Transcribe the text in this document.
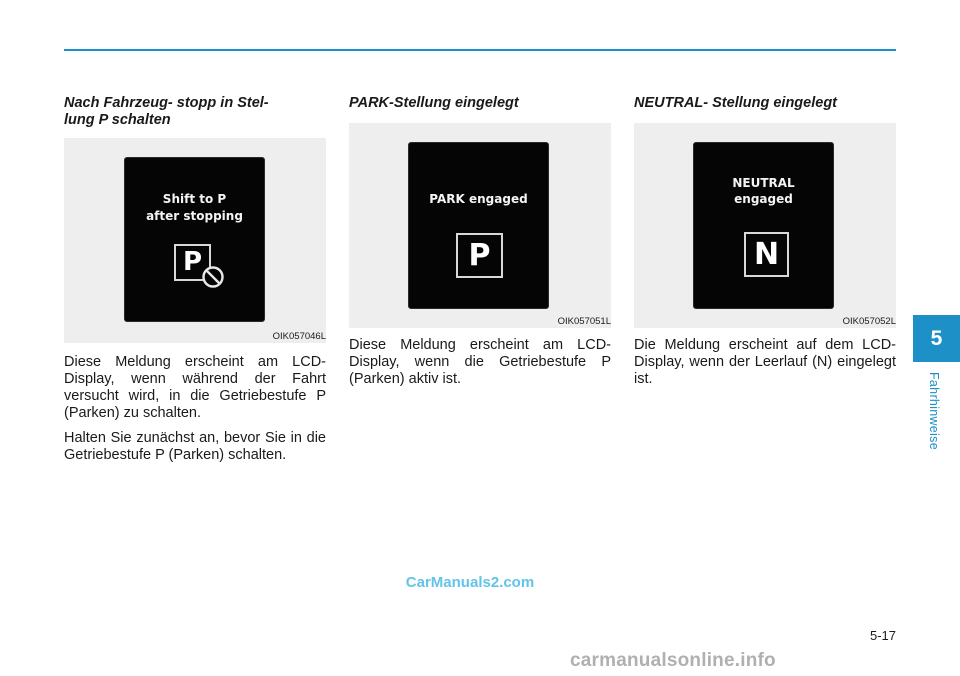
Nach Fahrzeug- stopp in Stel-
lung P schalten
Shift to P
after stopping
P
OIK057046L

Diese Meldung erscheint am LCD-Display, wenn während der Fahrt versucht wird, in die Getriebestufe P (Parken) zu schalten.

Halten Sie zunächst an, bevor Sie in die Getriebestufe P (Parken) schalten.

PARK-Stellung eingelegt
PARK engaged
P
OIK057051L

Diese Meldung erscheint am LCD-Display, wenn die Getriebestufe P (Parken) aktiv ist.

NEUTRAL- Stellung eingelegt
NEUTRAL
engaged
N
OIK057052L

Die Meldung erscheint auf dem LCD-Display, wenn der Leerlauf (N) eingelegt ist.

5
Fahrhinweise
5-17
CarManuals2.com
carmanualsonline.info
